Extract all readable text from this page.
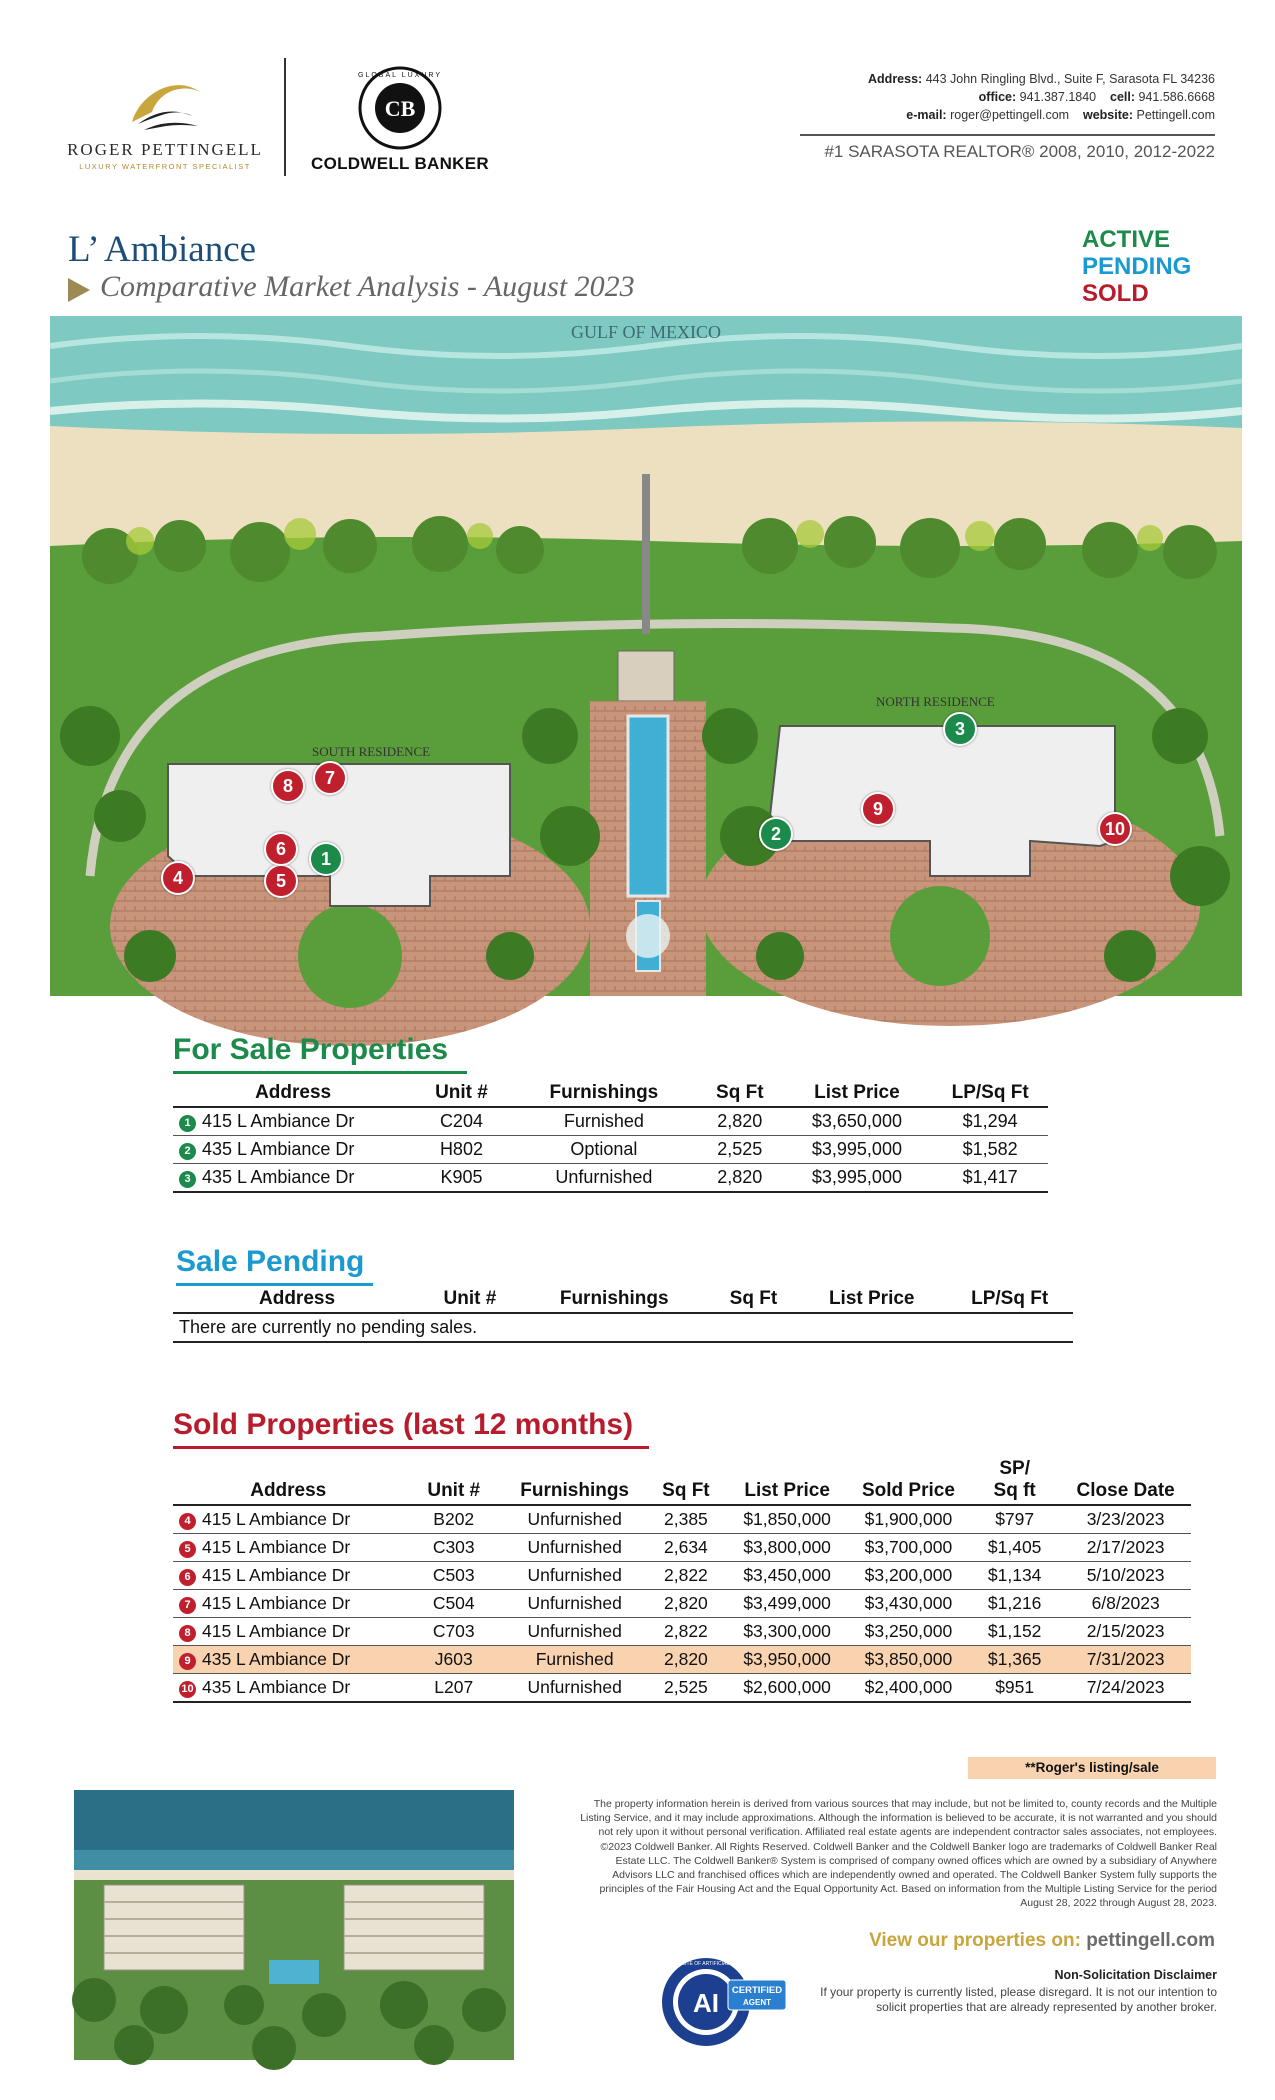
ROGER PETTINGELL
LUXURY WATERFRONT SPECIALIST
CB
GLOBAL LUXURY
COLDWELL BANKER
Address: 443 John Ringling Blvd., Suite F, Sarasota FL 34236
office: 941.387.1840 cell: 941.586.6668
e-mail: roger@pettingell.com website: Pettingell.com
#1 SARASOTA REALTOR® 2008, 2010, 2012-2022
L’ Ambiance
Comparative Market Analysis - August 2023
ACTIVE
PENDING
SOLD
GULF OF MEXICO
SOUTH RESIDENCE
NORTH RESIDENCE
1
2
3
4	5
6
7
8
9
10
For Sale Properties
Address	Unit #	Furnishings	Sq Ft	List Price	LP/Sq Ft
1 415 L Ambiance Dr	C204	Furnished	2,820	$3,650,000	$1,294
2 435 L Ambiance Dr	H802	Optional	2,525	$3,995,000	$1,582
3 435 L Ambiance Dr	K905	Unfurnished	2,820	$3,995,000	$1,417
Sale Pending
Address	Unit #	Furnishings	Sq Ft	List Price	LP/Sq Ft
There are currently no pending sales.
Sold Properties (last 12 months)
Address	Unit #	Furnishings	Sq Ft	List Price	Sold Price	SP/
Sq ft	Close Date
4 415 L Ambiance Dr	B202	Unfurnished	2,385	$1,850,000	$1,900,000	$797	3/23/2023
5 415 L Ambiance Dr	C303	Unfurnished	2,634	$3,800,000	$3,700,000	$1,405	2/17/2023
6 415 L Ambiance Dr	C503	Unfurnished	2,822	$3,450,000	$3,200,000	$1,134	5/10/2023
7 415 L Ambiance Dr	C504	Unfurnished	2,820	$3,499,000	$3,430,000	$1,216	6/8/2023
8 415 L Ambiance Dr	C703	Unfurnished	2,822	$3,300,000	$3,250,000	$1,152	2/15/2023
9 435 L Ambiance Dr	J603	Furnished	2,820	$3,950,000	$3,850,000	$1,365	7/31/2023
10 435 L Ambiance Dr	L207	Unfurnished	2,525	$2,600,000	$2,400,000	$951	7/24/2023
**Roger's listing/sale
The property information herein is derived from various sources that may include, but not be limited to, county records and the Multiple Listing Service, and it may include approximations. Although the information is believed to be accurate, it is not warranted and you should not rely upon it without personal verification. Affiliated real estate agents are independent contractor sales associates, not employees. ©2023 Coldwell Banker. All Rights Reserved. Coldwell Banker and the Coldwell Banker logo are trademarks of Coldwell Banker Real Estate LLC. The Coldwell Banker® System is comprised of company owned offices which are owned by a subsidiary of Anywhere Advisors LLC and franchised offices which are independently owned and operated. The Coldwell Banker System fully supports the principles of the Fair Housing Act and the Equal Opportunity Act. Based on information from the Multiple Listing Service for the period August 28, 2022 through August 28, 2023.
View our properties on: pettingell.com
AI
LUXURY INSTITUTE OF ARTIFICIAL INTELLIGENCE
CERTIFIED
AGENT
Non-Solicitation Disclaimer
If your property is currently listed, please disregard. It is not our intention to solicit properties that are already represented by another broker.
